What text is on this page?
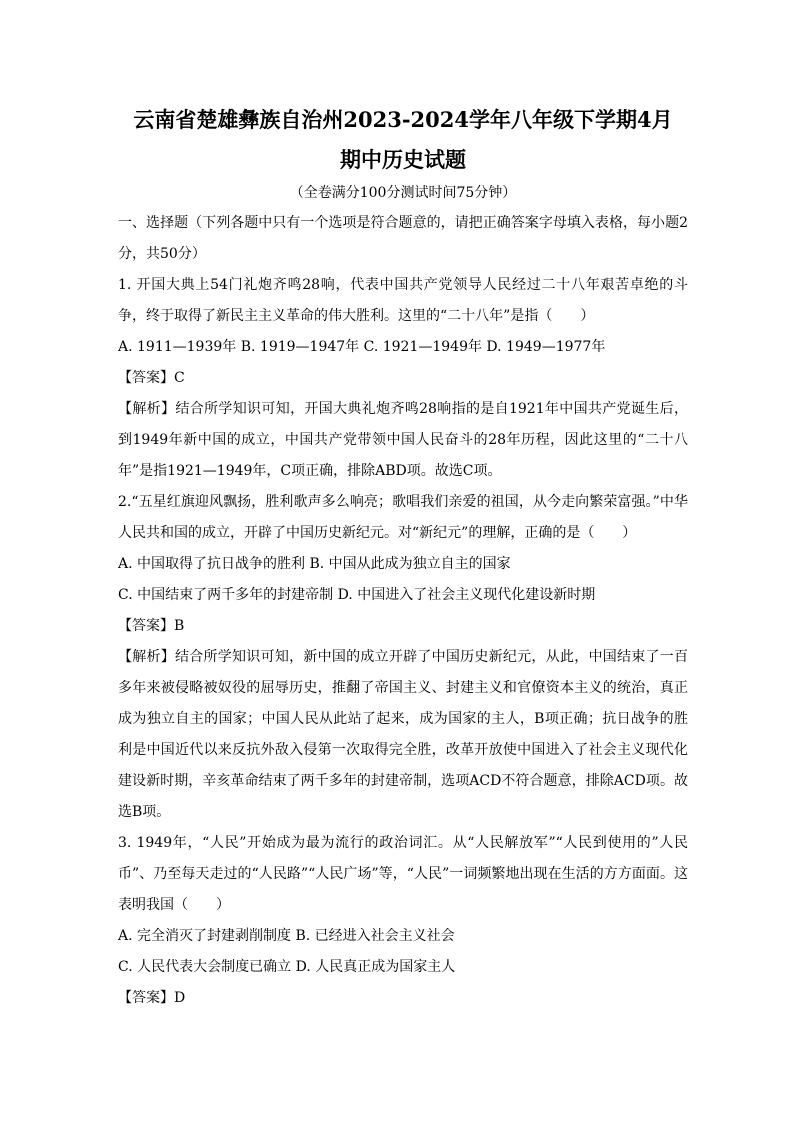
云南省楚雄彝族自治州2023-2024学年八年级下学期4月

期中历史试题

（全卷满分100分测试时间75分钟）

一、选择题（下列各题中只有一个选项是符合题意的，请把正确答案字母填入表格，每小题2分，共50分）

1. 开国大典上54门礼炮齐鸣28响，代表中国共产党领导人民经过二十八年艰苦卓绝的斗争，终于取得了新民主主义革命的伟大胜利。这里的“二十八年”是指（　　）

A. 1911—1939年 B. 1919—1947年 C. 1921—1949年 D. 1949—1977年

【答案】C

【解析】结合所学知识可知，开国大典礼炮齐鸣28响指的是自1921年中国共产党诞生后，到1949年新中国的成立，中国共产党带领中国人民奋斗的28年历程，因此这里的“二十八年”是指1921—1949年，C项正确，排除ABD项。故选C项。

2.“五星红旗迎风飘扬，胜利歌声多么响亮；歌唱我们亲爱的祖国，从今走向繁荣富强。”中华人民共和国的成立，开辟了中国历史新纪元。对“新纪元”的理解，正确的是（　　）

A. 中国取得了抗日战争的胜利 B. 中国从此成为独立自主的国家

C. 中国结束了两千多年的封建帝制 D. 中国进入了社会主义现代化建设新时期

【答案】B

【解析】结合所学知识可知，新中国的成立开辟了中国历史新纪元，从此，中国结束了一百多年来被侵略被奴役的屈辱历史，推翻了帝国主义、封建主义和官僚资本主义的统治，真正成为独立自主的国家；中国人民从此站了起来，成为国家的主人，B项正确；抗日战争的胜利是中国近代以来反抗外敌入侵第一次取得完全胜，改革开放使中国进入了社会主义现代化建设新时期，辛亥革命结束了两千多年的封建帝制，选项ACD不符合题意，排除ACD项。故选B项。

3. 1949年，“人民”开始成为最为流行的政治词汇。从“人民解放军”“人民到使用的”人民币”、乃至每天走过的“人民路”“人民广场”等，“人民”一词频繁地出现在生活的方方面面。这表明我国（　　）

A. 完全消灭了封建剥削制度 B. 已经进入社会主义社会

C. 人民代表大会制度已确立 D. 人民真正成为国家主人

【答案】D
